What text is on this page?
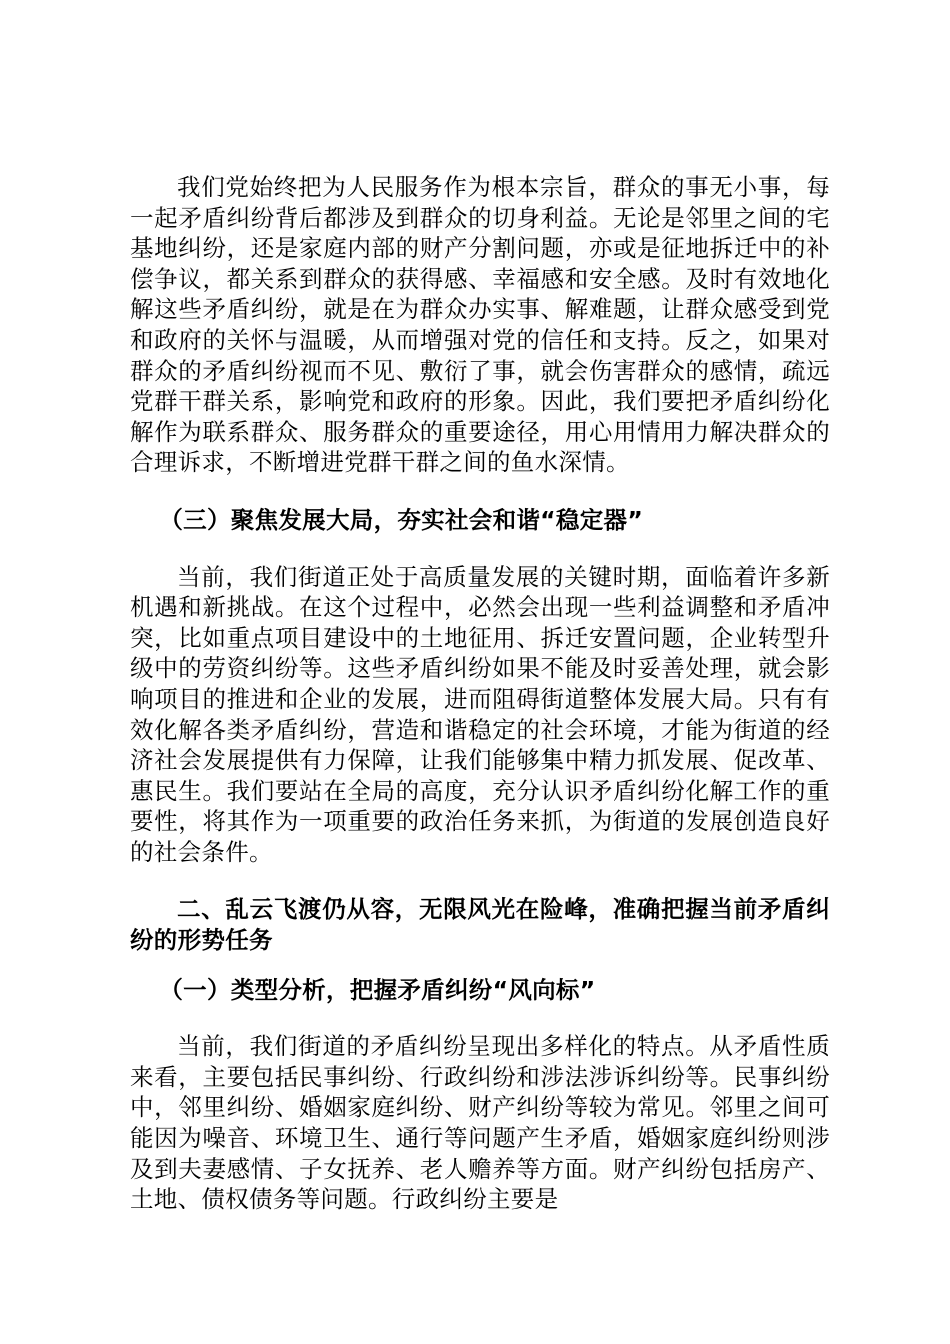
我们党始终把为人民服务作为根本宗旨，群众的事无小事，每一起矛盾纠纷背后都涉及到群众的切身利益。无论是邻里之间的宅基地纠纷，还是家庭内部的财产分割问题，亦或是征地拆迁中的补偿争议，都关系到群众的获得感、幸福感和安全感。及时有效地化解这些矛盾纠纷，就是在为群众办实事、解难题，让群众感受到党和政府的关怀与温暖，从而增强对党的信任和支持。反之，如果对群众的矛盾纠纷视而不见、敷衍了事，就会伤害群众的感情，疏远党群干群关系，影响党和政府的形象。因此，我们要把矛盾纠纷化解作为联系群众、服务群众的重要途径，用心用情用力解决群众的合理诉求，不断增进党群干群之间的鱼水深情。

（三）聚焦发展大局，夯实社会和谐“稳定器”

当前，我们街道正处于高质量发展的关键时期，面临着许多新机遇和新挑战。在这个过程中，必然会出现一些利益调整和矛盾冲突，比如重点项目建设中的土地征用、拆迁安置问题，企业转型升级中的劳资纠纷等。这些矛盾纠纷如果不能及时妥善处理，就会影响项目的推进和企业的发展，进而阻碍街道整体发展大局。只有有效化解各类矛盾纠纷，营造和谐稳定的社会环境，才能为街道的经济社会发展提供有力保障，让我们能够集中精力抓发展、促改革、惠民生。我们要站在全局的高度，充分认识矛盾纠纷化解工作的重要性，将其作为一项重要的政治任务来抓，为街道的发展创造良好的社会条件。

二、乱云飞渡仍从容，无限风光在险峰，准确把握当前矛盾纠纷的形势任务
（一）类型分析，把握矛盾纠纷“风向标”

当前，我们街道的矛盾纠纷呈现出多样化的特点。从矛盾性质来看，主要包括民事纠纷、行政纠纷和涉法涉诉纠纷等。民事纠纷中，邻里纠纷、婚姻家庭纠纷、财产纠纷等较为常见。邻里之间可能因为噪音、环境卫生、通行等问题产生矛盾，婚姻家庭纠纷则涉及到夫妻感情、子女抚养、老人赡养等方面。财产纠纷包括房产、土地、债权债务等问题。行政纠纷主要是
